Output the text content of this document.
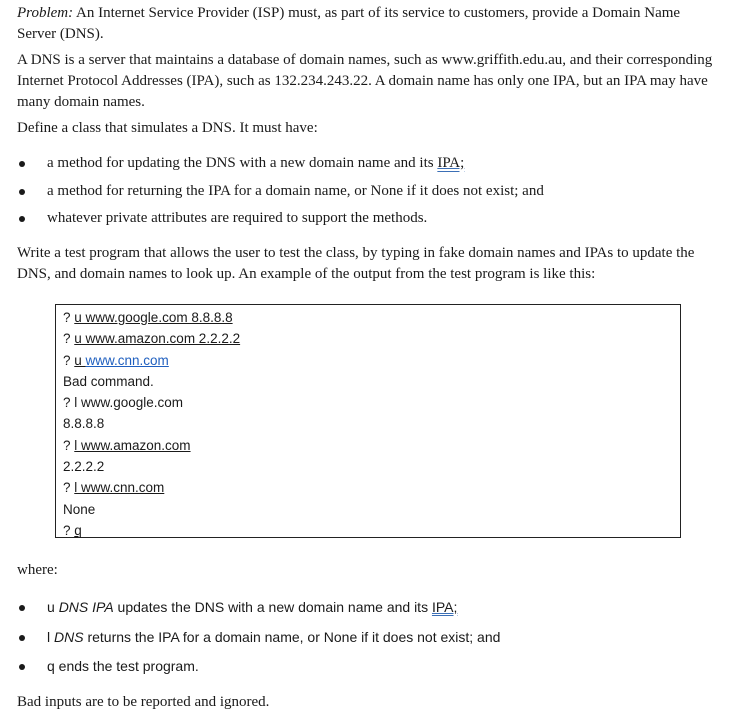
Problem: An Internet Service Provider (ISP) must, as part of its service to customers, provide a Domain Name Server (DNS).

A DNS is a server that maintains a database of domain names, such as www.griffith.edu.au, and their corresponding Internet Protocol Addresses (IPA), such as 132.234.243.22. A domain name has only one IPA, but an IPA may have many domain names.

Define a class that simulates a DNS. It must have:

a method for updating the DNS with a new domain name and its IPA;
a method for returning the IPA for a domain name, or None if it does not exist; and
whatever private attributes are required to support the methods.

Write a test program that allows the user to test the class, by typing in fake domain names and IPAs to update the DNS, and domain names to look up. An example of the output from the test program is like this:

? u www.google.com 8.8.8.8
? u www.amazon.com 2.2.2.2
? u www.cnn.com
Bad command.
? l www.google.com
8.8.8.8
? l www.amazon.com
2.2.2.2
? l www.cnn.com
None
? q

where:

u DNS IPA updates the DNS with a new domain name and its IPA;
l DNS returns the IPA for a domain name, or None if it does not exist; and
q ends the test program.

Bad inputs are to be reported and ignored.
